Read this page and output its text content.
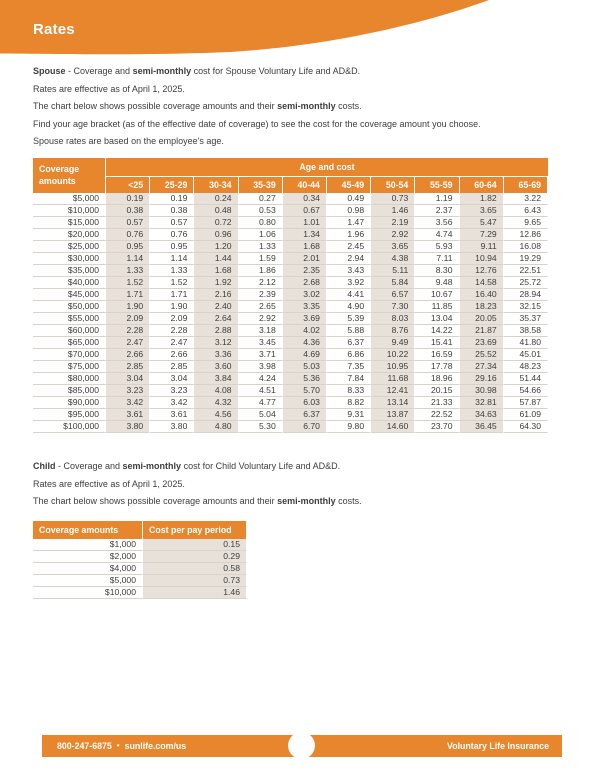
Rates

Spouse - Coverage and semi-monthly cost for Spouse Voluntary Life and AD&D.

Rates are effective as of April 1, 2025.

The chart below shows possible coverage amounts and their semi-monthly costs.

Find your age bracket (as of the effective date of coverage) to see the cost for the coverage amount you choose.

Spouse rates are based on the employee's age.

Coverage amounts	Age and cost									
	<25	25-29	30-34	35-39	40-44	45-49	50-54	55-59	60-64	65-69
$5,000	0.19	0.19	0.24	0.27	0.34	0.49	0.73	1.19	1.82	3.22
$10,000	0.38	0.38	0.48	0.53	0.67	0.98	1.46	2.37	3.65	6.43
$15,000	0.57	0.57	0.72	0.80	1.01	1.47	2.19	3.56	5.47	9.65
$20,000	0.76	0.76	0.96	1.06	1.34	1.96	2.92	4.74	7.29	12.86
$25,000	0.95	0.95	1.20	1.33	1.68	2.45	3.65	5.93	9.11	16.08
$30,000	1.14	1.14	1.44	1.59	2.01	2.94	4.38	7.11	10.94	19.29
$35,000	1.33	1.33	1.68	1.86	2.35	3.43	5.11	8.30	12.76	22.51
$40,000	1.52	1.52	1.92	2.12	2.68	3.92	5.84	9.48	14.58	25.72
$45,000	1.71	1.71	2.16	2.39	3.02	4.41	6.57	10.67	16.40	28.94
$50,000	1.90	1.90	2.40	2.65	3.35	4.90	7.30	11.85	18.23	32.15
$55,000	2.09	2.09	2.64	2.92	3.69	5.39	8.03	13.04	20.05	35.37
$60,000	2.28	2.28	2.88	3.18	4.02	5.88	8.76	14.22	21.87	38.58
$65,000	2.47	2.47	3.12	3.45	4.36	6.37	9.49	15.41	23.69	41.80
$70,000	2.66	2.66	3.36	3.71	4.69	6.86	10.22	16.59	25.52	45.01
$75,000	2.85	2.85	3.60	3.98	5.03	7.35	10.95	17.78	27.34	48.23
$80,000	3.04	3.04	3.84	4.24	5.36	7.84	11.68	18.96	29.16	51.44
$85,000	3.23	3.23	4.08	4.51	5.70	8.33	12.41	20.15	30.98	54.66
$90,000	3.42	3.42	4.32	4.77	6.03	8.82	13.14	21.33	32.81	57.87
$95,000	3.61	3.61	4.56	5.04	6.37	9.31	13.87	22.52	34.63	61.09
$100,000	3.80	3.80	4.80	5.30	6.70	9.80	14.60	23.70	36.45	64.30

Child - Coverage and semi-monthly cost for Child Voluntary Life and AD&D.

Rates are effective as of April 1, 2025.

The chart below shows possible coverage amounts and their semi-monthly costs.

Coverage amounts	Cost per pay period
$1,000	0.15
$2,000	0.29
$4,000	0.58
$5,000	0.73
$10,000	1.46
800-247-6875 • sunlife.com/us	Voluntary Life Insurance
